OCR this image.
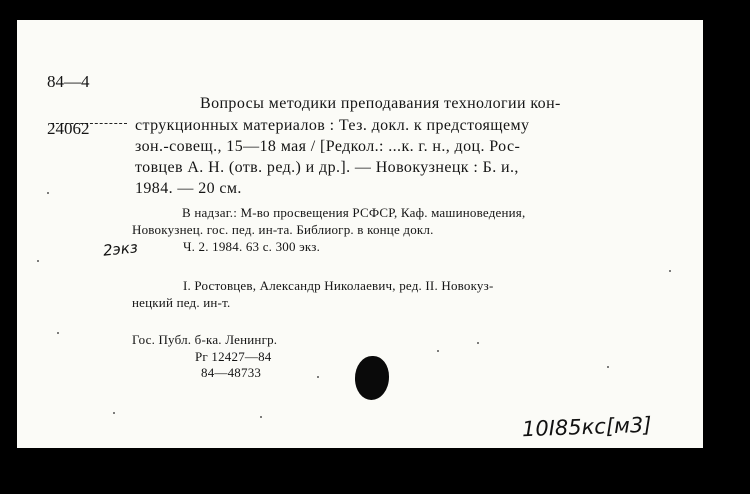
84—4
24062
Вопросы методики преподавания технологии кон-
струкционных материалов : Тез. докл. к предстоящему
зон.-совещ., 15—18 мая / [Редкол.: ...к. г. н., доц. Рос-
товцев А. Н. (отв. ред.) и др.]. — Новокузнецк : Б. и.,
1984. — 20 см.
В надзаг.: М-во просвещения РСФСР, Каф. машиноведения,
Новокузнец. гос. пед. ин-та. Библиогр. в конце докл.
Ч. 2. 1984. 63 с. 300 экз.
2экз
I. Ростовцев, Александр Николаевич, ред. II. Новокуз-
нецкий пед. ин-т.
Гос. Публ. б-ка. Ленингр.
Рг 12427—84
84—48733
10I85кс[м3]
